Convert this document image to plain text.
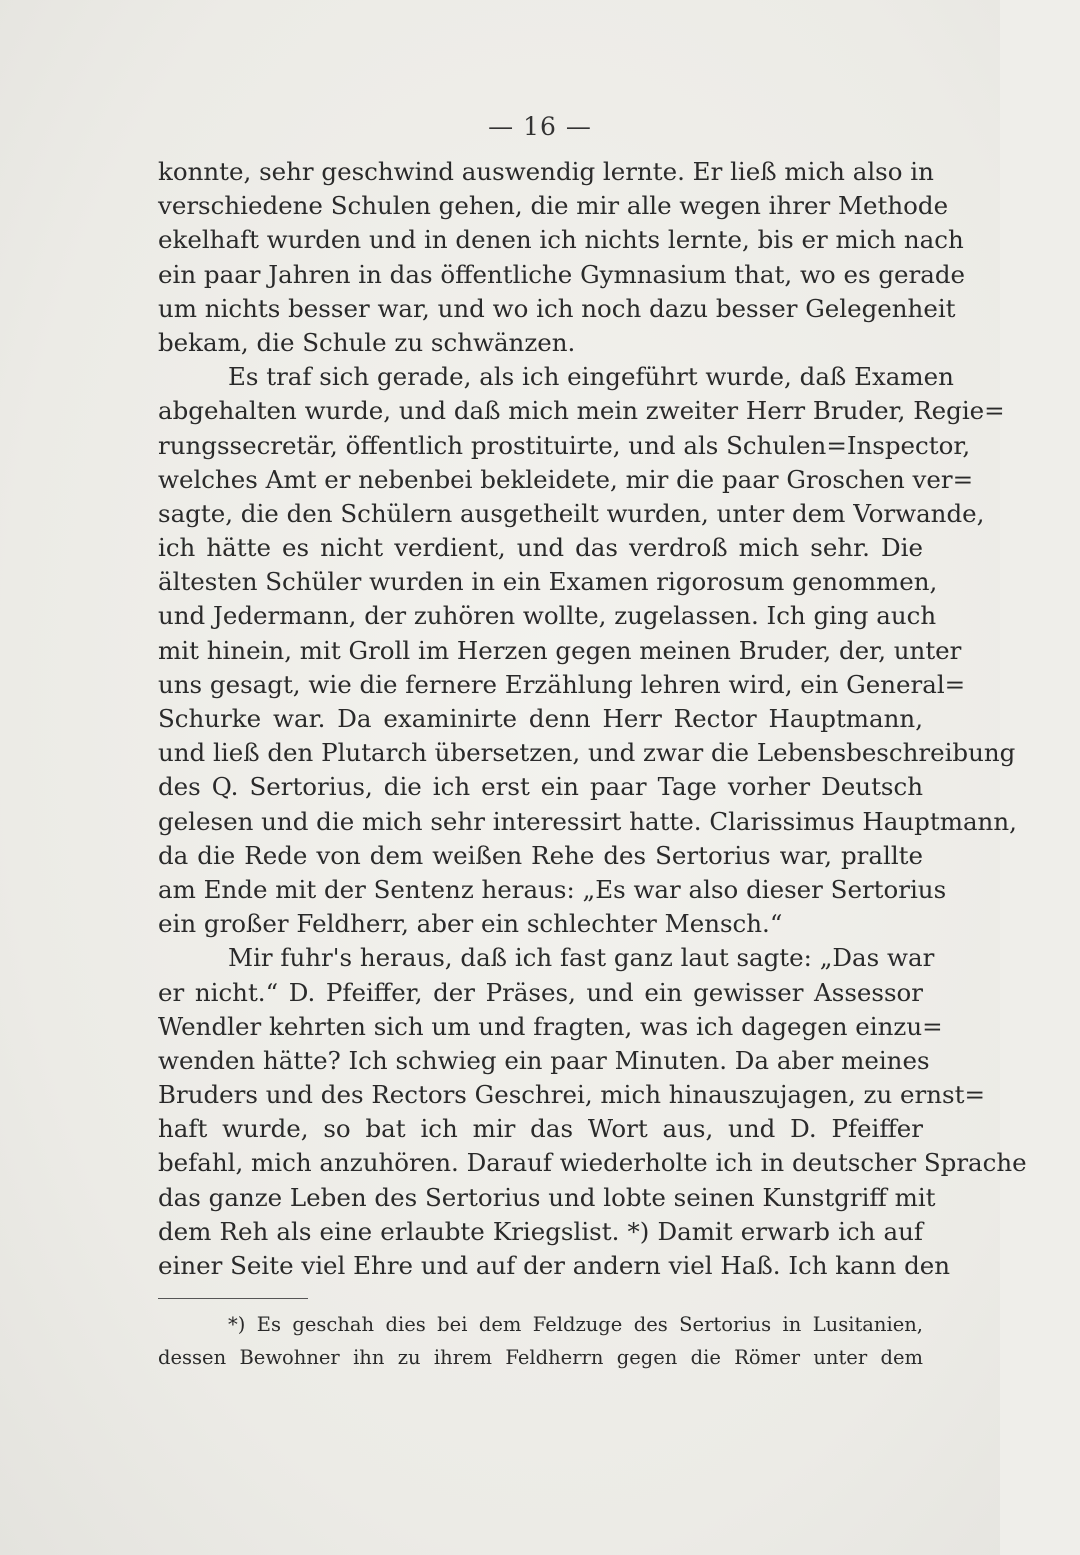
— 16 —
konnte, sehr geschwind auswendig lernte. Er ließ mich also in
verschiedene Schulen gehen, die mir alle wegen ihrer Methode
ekelhaft wurden und in denen ich nichts lernte, bis er mich nach
ein paar Jahren in das öffentliche Gymnasium that, wo es gerade
um nichts besser war, und wo ich noch dazu besser Gelegenheit
bekam, die Schule zu schwänzen.
Es traf sich gerade, als ich eingeführt wurde, daß Examen
abgehalten wurde, und daß mich mein zweiter Herr Bruder, Regie=
rungssecretär, öffentlich prostituirte, und als Schulen=Inspector,
welches Amt er nebenbei bekleidete, mir die paar Groschen ver=
sagte, die den Schülern ausgetheilt wurden, unter dem Vorwande,
ich hätte es nicht verdient, und das verdroß mich sehr. Die
ältesten Schüler wurden in ein Examen rigorosum genommen,
und Jedermann, der zuhören wollte, zugelassen. Ich ging auch
mit hinein, mit Groll im Herzen gegen meinen Bruder, der, unter
uns gesagt, wie die fernere Erzählung lehren wird, ein General=
Schurke war. Da examinirte denn Herr Rector Hauptmann,
und ließ den Plutarch übersetzen, und zwar die Lebensbeschreibung
des Q. Sertorius, die ich erst ein paar Tage vorher Deutsch
gelesen und die mich sehr interessirt hatte. Clarissimus Hauptmann,
da die Rede von dem weißen Rehe des Sertorius war, prallte
am Ende mit der Sentenz heraus: „Es war also dieser Sertorius
ein großer Feldherr, aber ein schlechter Mensch.“
Mir fuhr's heraus, daß ich fast ganz laut sagte: „Das war
er nicht.“ D. Pfeiffer, der Präses, und ein gewisser Assessor
Wendler kehrten sich um und fragten, was ich dagegen einzu=
wenden hätte? Ich schwieg ein paar Minuten. Da aber meines
Bruders und des Rectors Geschrei, mich hinauszujagen, zu ernst=
haft wurde, so bat ich mir das Wort aus, und D. Pfeiffer
befahl, mich anzuhören. Darauf wiederholte ich in deutscher Sprache
das ganze Leben des Sertorius und lobte seinen Kunstgriff mit
dem Reh als eine erlaubte Kriegslist. *) Damit erwarb ich auf
einer Seite viel Ehre und auf der andern viel Haß. Ich kann den
*) Es geschah dies bei dem Feldzuge des Sertorius in Lusitanien,
dessen Bewohner ihn zu ihrem Feldherrn gegen die Römer unter dem
